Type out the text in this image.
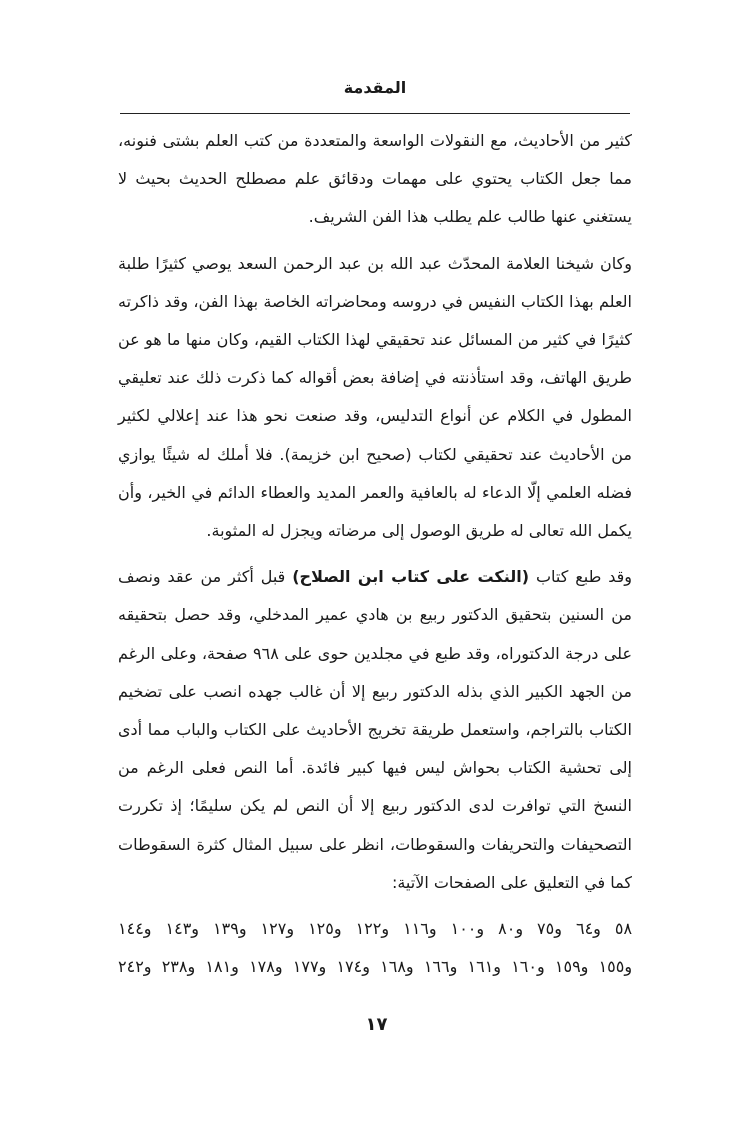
المقدمة

كثير من الأحاديث، مع النقولات الواسعة والمتعددة من كتب العلم بشتى فنونه، مما جعل الكتاب يحتوي على مهمات ودقائق علم مصطلح الحديث بحيث لا يستغني عنها طالب علم يطلب هذا الفن الشريف.

وكان شيخنا العلامة المحدّث عبد الله بن عبد الرحمن السعد يوصي كثيرًا طلبة العلم بهذا الكتاب النفيس في دروسه ومحاضراته الخاصة بهذا الفن، وقد ذاكرته كثيرًا في كثير من المسائل عند تحقيقي لهذا الكتاب القيم، وكان منها ما هو عن طريق الهاتف، وقد استأذنته في إضافة بعض أقواله كما ذكرت ذلك عند تعليقي المطول في الكلام عن أنواع التدليس، وقد صنعت نحو هذا عند إعلالي لكثير من الأحاديث عند تحقيقي لكتاب (صحيح ابن خزيمة). فلا أملك له شيئًا يوازي فضله العلمي إلّا الدعاء له بالعافية والعمر المديد والعطاء الدائم في الخير، وأن يكمل الله تعالى له طريق الوصول إلى مرضاته ويجزل له المثوبة.

وقد طبع كتاب (النكت على كتاب ابن الصلاح) قبل أكثر من عقد ونصف من السنين بتحقيق الدكتور ربيع بن هادي عمير المدخلي، وقد حصل بتحقيقه على درجة الدكتوراه، وقد طبع في مجلدين حوى على ٩٦٨ صفحة، وعلى الرغم من الجهد الكبير الذي بذله الدكتور ربيع إلا أن غالب جهده انصب على تضخيم الكتاب بالتراجم، واستعمل طريقة تخريج الأحاديث على الكتاب والباب مما أدى إلى تحشية الكتاب بحواش ليس فيها كبير فائدة. أما النص فعلى الرغم من النسخ التي توافرت لدى الدكتور ربيع إلا أن النص لم يكن سليمًا؛ إذ تكررت التصحيفات والتحريفات والسقوطات، انظر على سبيل المثال كثرة السقوطات كما في التعليق على الصفحات الآتية:

٥٨ و٦٤ و٧٥ و٨٠ و١٠٠ و١١٦ و١٢٢ و١٢٥ و١٢٧ و١٣٩ و١٤٣ و١٤٤

و١٥٥ و١٥٩ و١٦٠ و١٦١ و١٦٦ و١٦٨ و١٧٤ و١٧٧ و١٧٨ و١٨١ و٢٣٨ و٢٤٢

١٧
